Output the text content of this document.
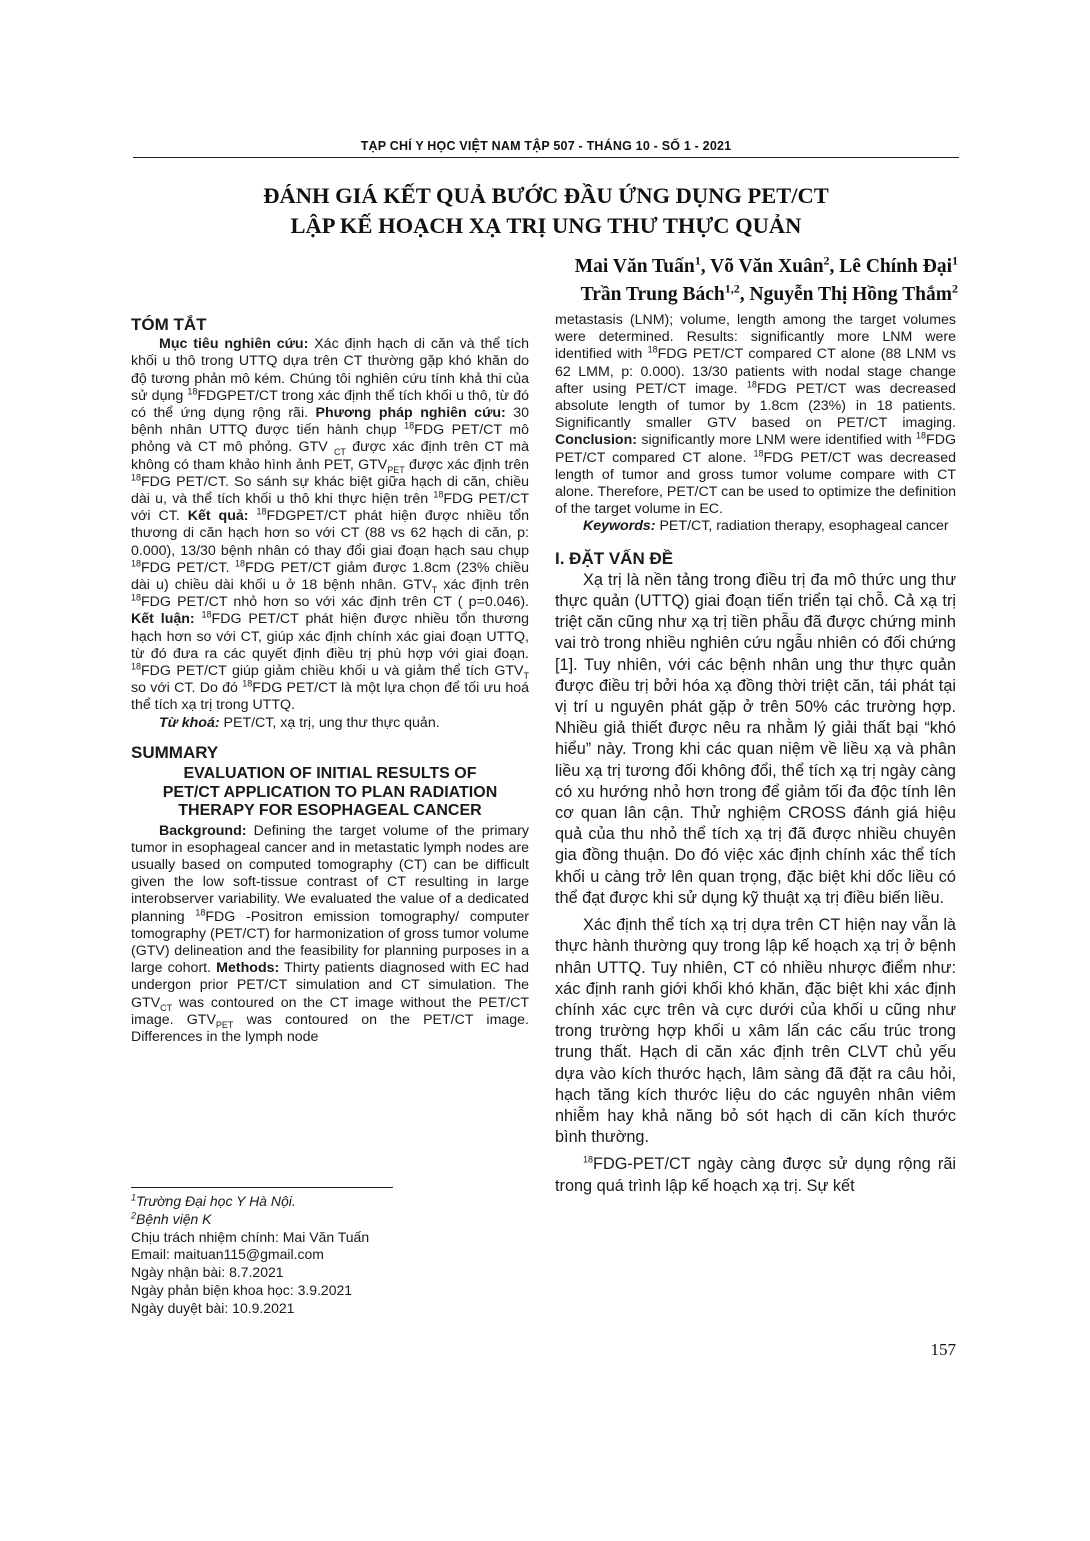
TẠP CHÍ Y HỌC VIỆT NAM TẬP 507 - THÁNG 10 - SỐ 1 - 2021
ĐÁNH GIÁ KẾT QUẢ BƯỚC ĐẦU ỨNG DỤNG PET/CT
LẬP KẾ HOẠCH XẠ TRỊ UNG THƯ THỰC QUẢN
Mai Văn Tuấn$^1$, Võ Văn Xuân$^2$, Lê Chính Đại$^1$
Trần Trung Bách$^{1,2}$, Nguyễn Thị Hồng Thắm$^2$
TÓM TẮT

Mục tiêu nghiên cứu: Xác định hạch di căn và thể tích khối u thô trong UTTQ dựa trên CT thường gặp khó khăn do độ tương phản mô kém. Chúng tôi nghiên cứu tính khả thi của sử dụng $^{18}$FDGPET/CT trong xác định thể tích khối u thô, từ đó có thể ứng dụng rộng rãi. Phương pháp nghiên cứu: 30 bệnh nhân UTTQ được tiến hành chụp $^{18}$FDG PET/CT mô phỏng và CT mô phỏng. GTV $_{CT}$ được xác định trên CT mà không có tham khảo hình ảnh PET, $GTV_{PET}$ được xác định trên $^{18}$FDG PET/CT. So sánh sự khác biệt giữa hạch di căn, chiều dài u, và thể tích khối u thô khi thực hiện trên $^{18}$FDG PET/CT với CT. Kết quả: $^{18}$FDGPET/CT phát hiện được nhiều tổn thương di căn hạch hơn so với CT (88 vs 62 hạch di căn, p: 0.000), 13/30 bệnh nhân có thay đổi giai đoạn hạch sau chụp $^{18}$FDG PET/CT. $^{18}$FDG PET/CT giảm được 1.8cm (23% chiều dài u) chiều dài khối u ở 18 bệnh nhân. $GTV_T$ xác định trên $^{18}$FDG PET/CT nhỏ hơn so với xác định trên CT ( p=0.046). Kết luận: $^{18}$FDG PET/CT phát hiện được nhiều tổn thương hạch hơn so với CT, giúp xác định chính xác giai đoạn UTTQ, từ đó đưa ra các quyết định điều trị phù hợp với giai đoạn. $^{18}$FDG PET/CT giúp giảm chiều khối u và giảm thể tích $GTV_T$ so với CT. Do đó $^{18}$FDG PET/CT là một lựa chọn để tối ưu hoá thể tích xạ trị trong UTTQ.

Từ khoá: PET/CT, xạ trị, ung thư thực quản.

SUMMARY
EVALUATION OF INITIAL RESULTS OF
PET/CT APPLICATION TO PLAN RADIATION
THERAPY FOR ESOPHAGEAL CANCER

Background: Defining the target volume of the primary tumor in esophageal cancer and in metastatic lymph nodes are usually based on computed tomography (CT) can be difficult given the low soft-tissue contrast of CT resulting in large interobserver variability. We evaluated the value of a dedicated planning $^{18}$FDG -Positron emission tomography/ computer tomography (PET/CT) for harmonization of gross tumor volume (GTV) delineation and the feasibility for planning purposes in a large cohort. Methods: Thirty patients diagnosed with EC had undergon prior PET/CT simulation and CT simulation. The $GTV_{CT}$ was contoured on the CT image without the PET/CT image. $GTV_{PET}$ was contoured on the PET/CT image. Differences in the lymph node

$^1$Trường Đại học Y Hà Nội.
$^2$Bệnh viện K
Chịu trách nhiệm chính: Mai Văn Tuấn
Email: maituan115@gmail.com
Ngày nhận bài: 8.7.2021
Ngày phản biện khoa học: 3.9.2021
Ngày duyệt bài: 10.9.2021

metastasis (LNM); volume, length among the target volumes were determined. Results: significantly more LNM were identified with $^{18}$FDG PET/CT compared CT alone (88 LNM vs 62 LMM, p: 0.000). 13/30 patients with nodal stage change after using PET/CT image. $^{18}$FDG PET/CT was decreased absolute length of tumor by 1.8cm (23%) in 18 patients. Significantly smaller GTV based on PET/CT imaging. Conclusion: significantly more LNM were identified with $^{18}$FDG PET/CT compared CT alone. $^{18}$FDG PET/CT was decreased length of tumor and gross tumor volume compare with CT alone. Therefore, PET/CT can be used to optimize the definition of the target volume in EC.

Keywords: PET/CT, radiation therapy, esophageal cancer

I. ĐẶT VẤN ĐỀ

Xạ trị là nền tảng trong điều trị đa mô thức ung thư thực quản (UTTQ) giai đoạn tiến triển tại chỗ. Cả xạ trị triệt căn cũng như xạ trị tiền phẫu đã được chứng minh vai trò trong nhiều nghiên cứu ngẫu nhiên có đối chứng [1]. Tuy nhiên, với các bệnh nhân ung thư thực quản được điều trị bởi hóa xạ đồng thời triệt căn, tái phát tại vị trí u nguyên phát gặp ở trên 50% các trường hợp. Nhiều giả thiết được nêu ra nhằm lý giải thất bại “khó hiểu” này. Trong khi các quan niệm về liều xạ và phân liều xạ trị tương đối không đổi, thể tích xạ trị ngày càng có xu hướng nhỏ hơn trong để giảm tối đa độc tính lên cơ quan lân cận. Thử nghiệm CROSS đánh giá hiệu quả của thu nhỏ thể tích xạ trị đã được nhiều chuyên gia đồng thuận. Do đó việc xác định chính xác thể tích khối u càng trở lên quan trọng, đặc biệt khi dốc liều có thể đạt được khi sử dụng kỹ thuật xạ trị điều biến liều.

Xác định thể tích xạ trị dựa trên CT hiện nay vẫn là thực hành thường quy trong lập kế hoạch xạ trị ở bệnh nhân UTTQ. Tuy nhiên, CT có nhiều nhược điểm như: xác định ranh giới khối khó khăn, đặc biệt khi xác định chính xác cực trên và cực dưới của khối u cũng như trong trường hợp khối u xâm lấn các cấu trúc trong trung thất. Hạch di căn xác định trên CLVT chủ yếu dựa vào kích thước hạch, lâm sàng đã đặt ra câu hỏi, hạch tăng kích thước liệu do các nguyên nhân viêm nhiễm hay khả năng bỏ sót hạch di căn kích thước bình thường.

$^{18}$FDG-PET/CT ngày càng được sử dụng rộng rãi trong quá trình lập kế hoạch xạ trị. Sự kết

157
